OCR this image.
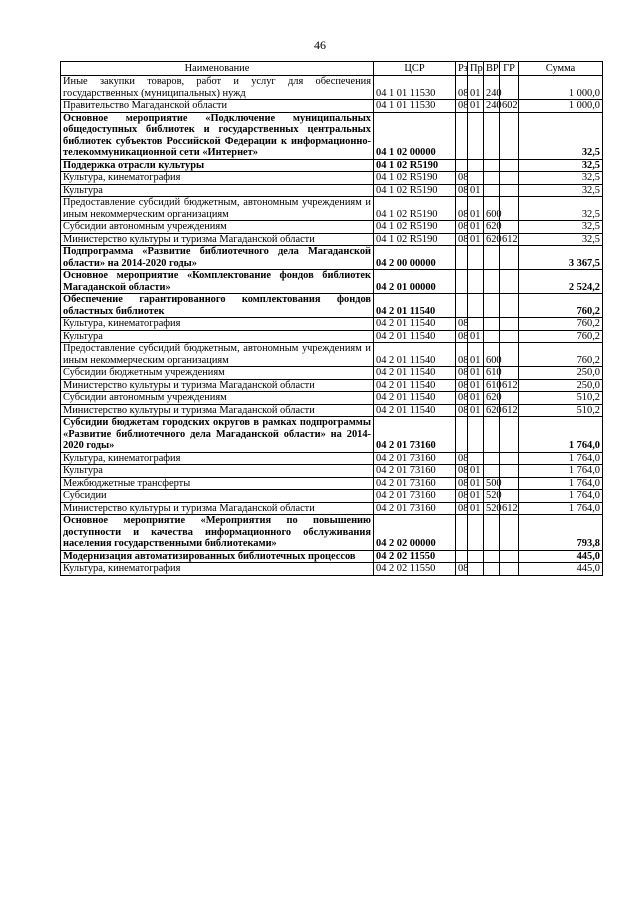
46
Наименование	ЦСР	Рз	Пр	ВР	ГР	Сумма
Иные закупки товаров, работ и услуг для обеспечения государственных (муниципальных) нужд	04 1 01 11530	08	01	240		1 000,0
Правительство Магаданской области	04 1 01 11530	08	01	240	602	1 000,0
Основное мероприятие «Подключение муниципальных общедоступных библиотек и государственных центральных библиотек субъектов Российской Федерации к информационно-телекоммуникационной сети «Интернет»	04 1 02 00000					32,5
Поддержка отрасли культуры	04 1 02 R5190					32,5
Культура, кинематография	04 1 02 R5190	08				32,5
Культура	04 1 02 R5190	08	01			32,5
Предоставление субсидий бюджетным, автономным учреждениям и иным некоммерческим организациям	04 1 02 R5190	08	01	600		32,5
Субсидии автономным учреждениям	04 1 02 R5190	08	01	620		32,5
Министерство культуры и туризма Магаданской области	04 1 02 R5190	08	01	620	612	32,5
Подпрограмма «Развитие библиотечного дела Магаданской области» на 2014-2020 годы»	04 2 00 00000					3 367,5
Основное мероприятие «Комплектование фондов библиотек Магаданской области»	04 2 01 00000					2 524,2
Обеспечение гарантированного комплектования фондов областных библиотек	04 2 01 11540					760,2
Культура, кинематография	04 2 01 11540	08				760,2
Культура	04 2 01 11540	08	01			760,2
Предоставление субсидий бюджетным, автономным учреждениям и иным некоммерческим организациям	04 2 01 11540	08	01	600		760,2
Субсидии бюджетным учреждениям	04 2 01 11540	08	01	610		250,0
Министерство культуры и туризма Магаданской области	04 2 01 11540	08	01	610	612	250,0
Субсидии автономным учреждениям	04 2 01 11540	08	01	620		510,2
Министерство культуры и туризма Магаданской области	04 2 01 11540	08	01	620	612	510,2
Субсидии бюджетам городских округов в рамках подпрограммы «Развитие библиотечного дела Магаданской области» на 2014-2020 годы»	04 2 01 73160					1 764,0
Культура, кинематография	04 2 01 73160	08				1 764,0
Культура	04 2 01 73160	08	01			1 764,0
Межбюджетные трансферты	04 2 01 73160	08	01	500		1 764,0
Субсидии	04 2 01 73160	08	01	520		1 764,0
Министерство культуры и туризма Магаданской области	04 2 01 73160	08	01	520	612	1 764,0
Основное мероприятие «Мероприятия по повышению доступности и качества информационного обслуживания населения государственными библиотеками»	04 2 02 00000					793,8
Модернизация автоматизированных библиотечных процессов	04 2 02 11550					445,0
Культура, кинематография	04 2 02 11550	08				445,0
